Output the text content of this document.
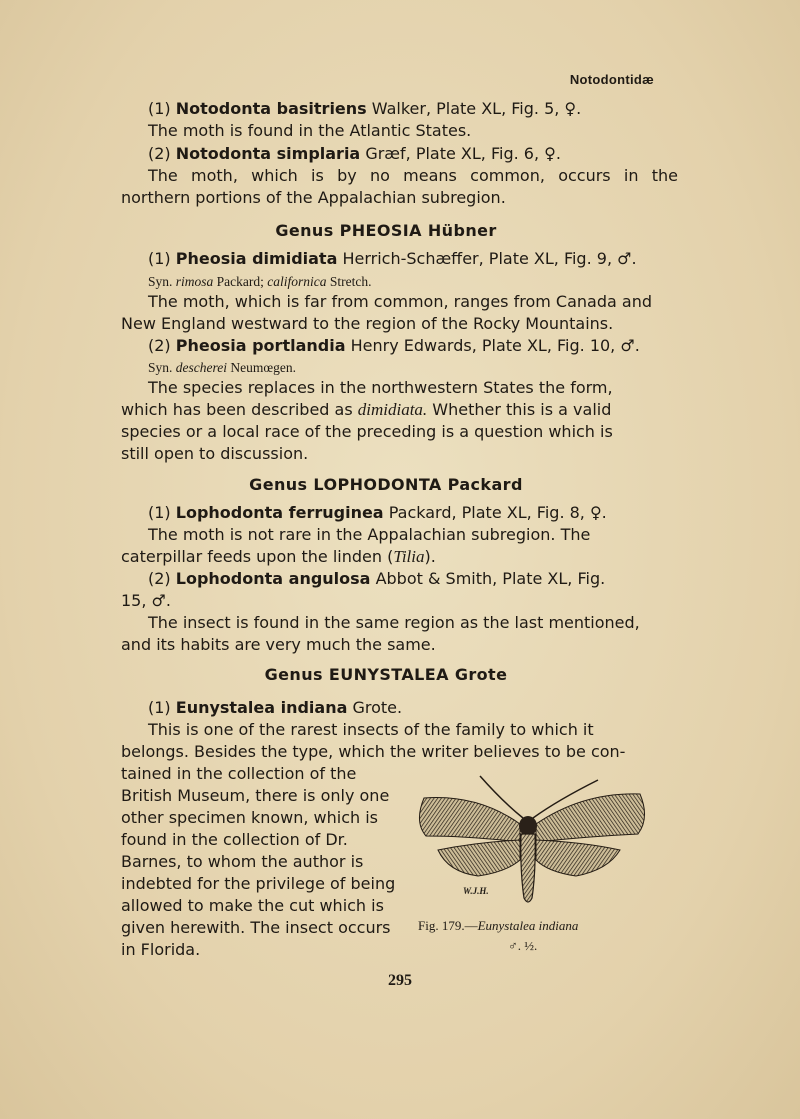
Notodontidæ
(1) Notodonta basitriens Walker, Plate XL, Fig. 5, ♀.
The moth is found in the Atlantic States.
(2) Notodonta simplaria Græf, Plate XL, Fig. 6, ♀.
The moth, which is by no means common, occurs in the
northern portions of the Appalachian subregion.
Genus PHEOSIA Hübner
(1) Pheosia dimidiata Herrich-Schæffer, Plate XL, Fig. 9, ♂.
Syn. rimosa Packard; californica Stretch.
The moth, which is far from common, ranges from Canada and
New England westward to the region of the Rocky Mountains.
(2) Pheosia portlandia Henry Edwards, Plate XL, Fig. 10, ♂.
Syn. descherei Neumœgen.
The species replaces in the northwestern States the form,
which has been described as dimidiata. Whether this is a valid
species or a local race of the preceding is a question which is
still open to discussion.
Genus LOPHODONTA Packard
(1) Lophodonta ferruginea Packard, Plate XL, Fig. 8, ♀.
The moth is not rare in the Appalachian subregion. The
caterpillar feeds upon the linden (Tilia).
(2) Lophodonta angulosa Abbot & Smith, Plate XL, Fig.
15, ♂.
The insect is found in the same region as the last mentioned,
and its habits are very much the same.
Genus EUNYSTALEA Grote
(1) Eunystalea indiana Grote.
This is one of the rarest insects of the family to which it
belongs. Besides the type, which the writer believes to be con-
tained in the collection of the
British Museum, there is only one
other specimen known, which is
found in the collection of Dr.
Barnes, to whom the author is
indebted for the privilege of being
allowed to make the cut which is
given herewith. The insect occurs
in Florida.
W.J.H.
Fig. 179.—Eunystalea indiana
♂. ½.
295
